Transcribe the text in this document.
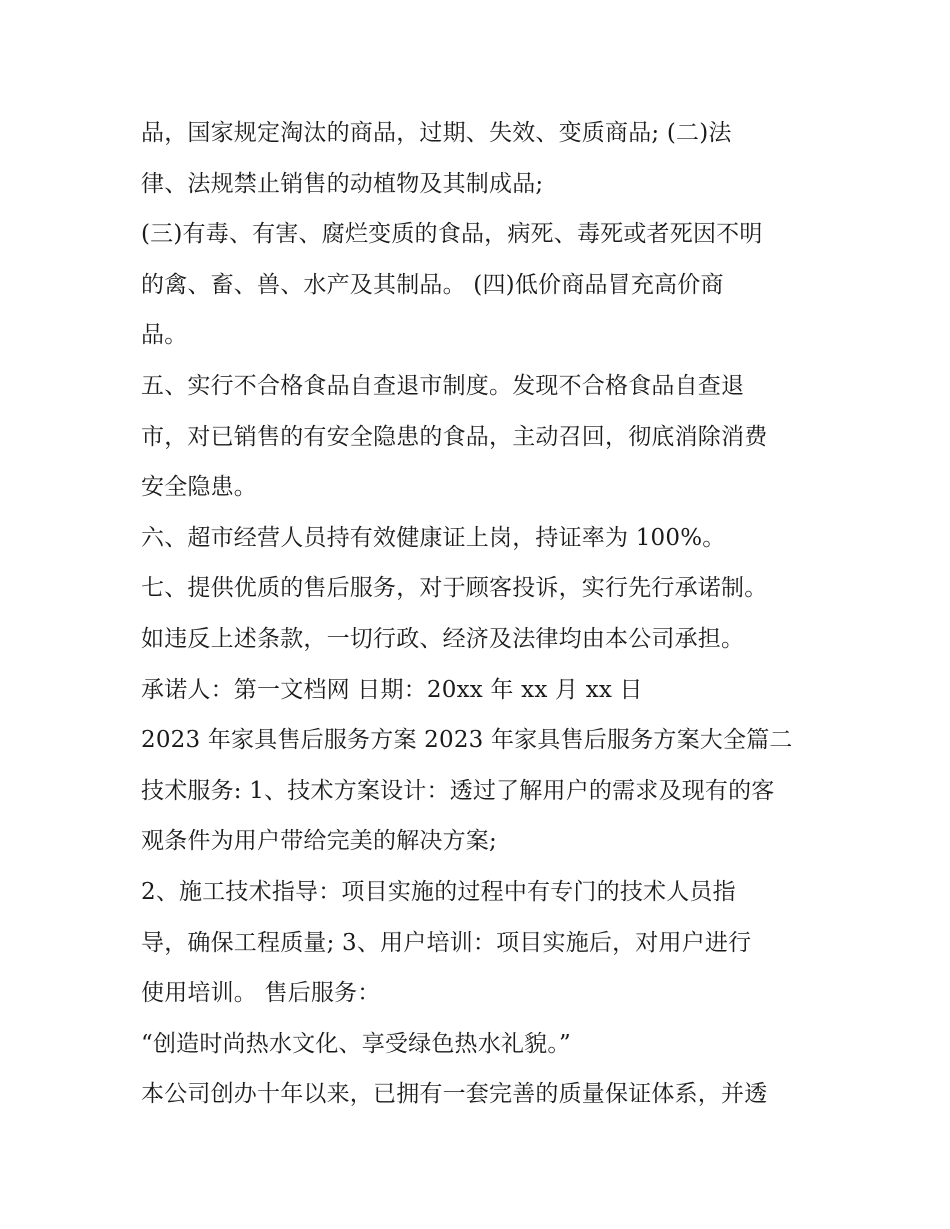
品，国家规定淘汰的商品，过期、失效、变质商品; (二)法
律、法规禁止销售的动植物及其制成品;
(三)有毒、有害、腐烂变质的食品，病死、毒死或者死因不明
的禽、畜、兽、水产及其制品。 (四)低价商品冒充高价商
品。
五、实行不合格食品自查退市制度。发现不合格食品自查退
市，对已销售的有安全隐患的食品，主动召回，彻底消除消费
安全隐患。
六、超市经营人员持有效健康证上岗，持证率为 100%。
七、提供优质的售后服务，对于顾客投诉，实行先行承诺制。
如违反上述条款，一切行政、经济及法律均由本公司承担。
承诺人：第一文档网 日期：20xx 年 xx 月 xx 日
2023 年家具售后服务方案 2023 年家具售后服务方案大全篇二
技术服务: 1、技术方案设计：透过了解用户的需求及现有的客
观条件为用户带给完美的解决方案;
2、施工技术指导：项目实施的过程中有专门的技术人员指
导，确保工程质量; 3、用户培训：项目实施后，对用户进行
使用培训。 售后服务：
“创造时尚热水文化、享受绿色热水礼貌。”
本公司创办十年以来，已拥有一套完善的质量保证体系，并透
